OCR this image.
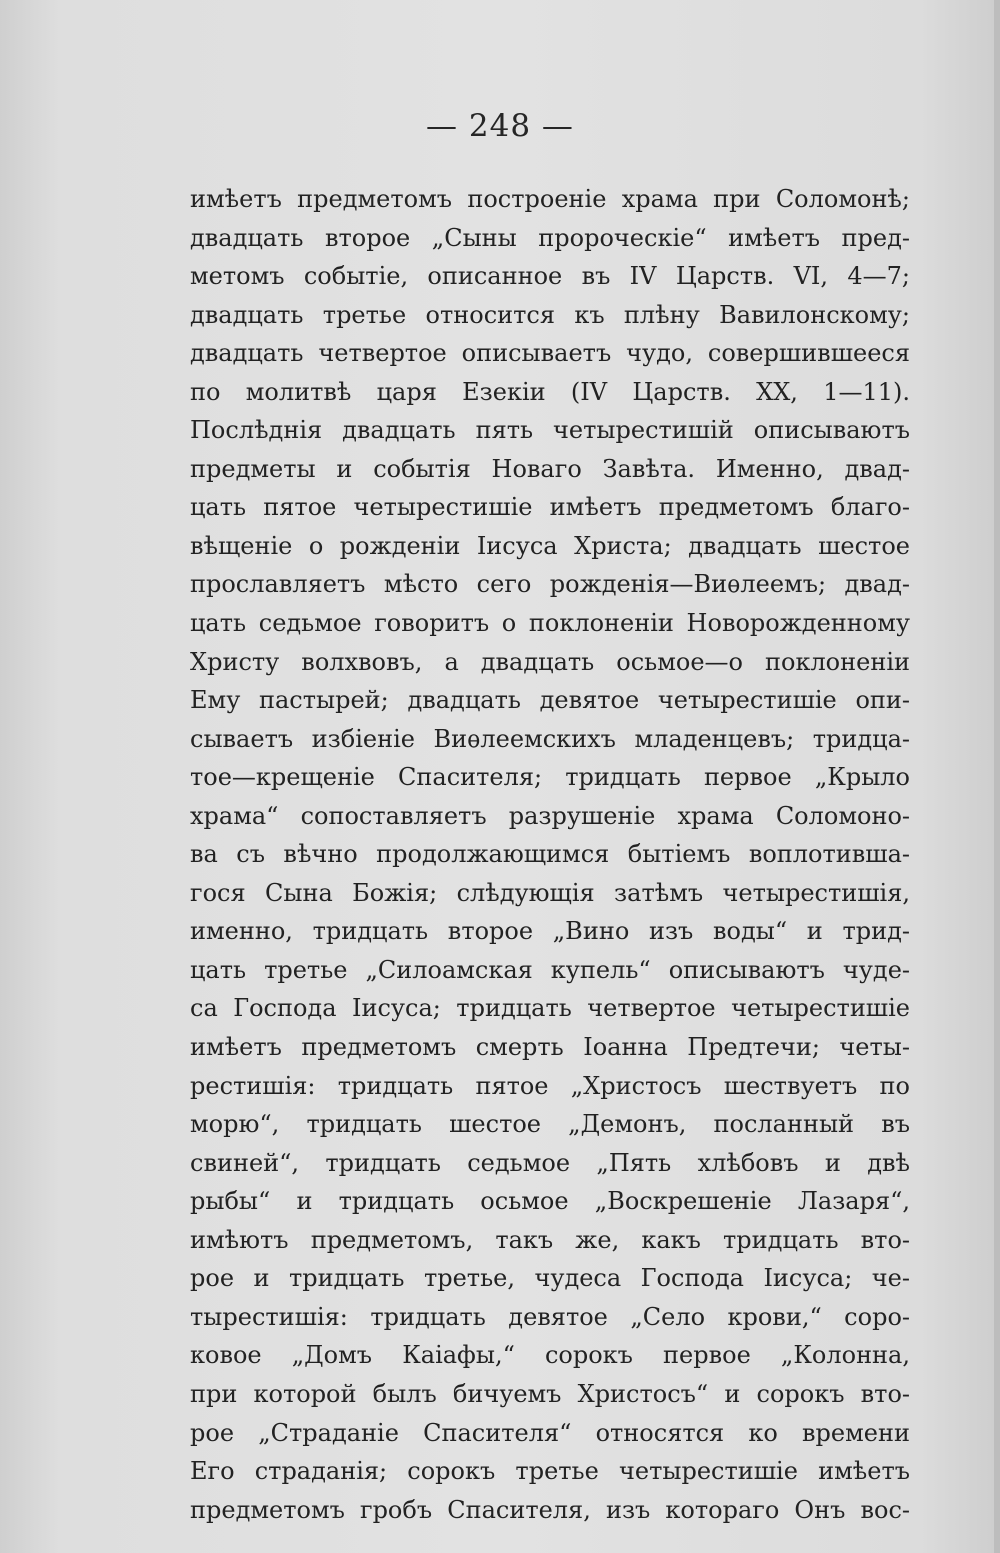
— 248 —
имѣетъ предметомъ построеніе храма при Соломонѣ;
двадцать второе „Сыны пророческіе“ имѣетъ пред-
метомъ событіе, описанное въ IV Царств. VI, 4—7;
двадцать третье относится къ плѣну Вавилонскому;
двадцать четвертое описываетъ чудо, совершившееся
по молитвѣ царя Езекіи (IV Царств. XX, 1—11).
Послѣднія двадцать пять четырестишій описываютъ
предметы и событія Новаго Завѣта. Именно, двад-
цать пятое четырестишіе имѣетъ предметомъ благо-
вѣщеніе о рожденіи Іисуса Христа; двадцать шестое
прославляетъ мѣсто сего рожденія—Виѳлеемъ; двад-
цать седьмое говоритъ о поклоненіи Новорожденному
Христу волхвовъ, а двадцать осьмое—о поклоненіи
Ему пастырей; двадцать девятое четырестишіе опи-
сываетъ избіеніе Виѳлеемскихъ младенцевъ; тридца-
тое—крещеніе Спасителя; тридцать первое „Крыло
храма“ сопоставляетъ разрушеніе храма Соломоно-
ва съ вѣчно продолжающимся бытіемъ воплотивша-
гося Сына Божія; слѣдующія затѣмъ четырестишія,
именно, тридцать второе „Вино изъ воды“ и трид-
цать третье „Силоамская купель“ описываютъ чуде-
са Господа Іисуса; тридцать четвертое четырестишіе
имѣетъ предметомъ смерть Іоанна Предтечи; четы-
рестишія: тридцать пятое „Христосъ шествуетъ по
морю“, тридцать шестое „Демонъ, посланный въ
свиней“, тридцать седьмое „Пять хлѣбовъ и двѣ
рыбы“ и тридцать осьмое „Воскрешеніе Лазаря“,
имѣютъ предметомъ, такъ же, какъ тридцать вто-
рое и тридцать третье, чудеса Господа Іисуса; че-
тырестишія: тридцать девятое „Село крови,“ соро-
ковое „Домъ Каіафы,“ сорокъ первое „Колонна,
при которой былъ бичуемъ Христосъ“ и сорокъ вто-
рое „Страданіе Спасителя“ относятся ко времени
Его страданія; сорокъ третье четырестишіе имѣетъ
предметомъ гробъ Спасителя, изъ котораго Онъ вос-
